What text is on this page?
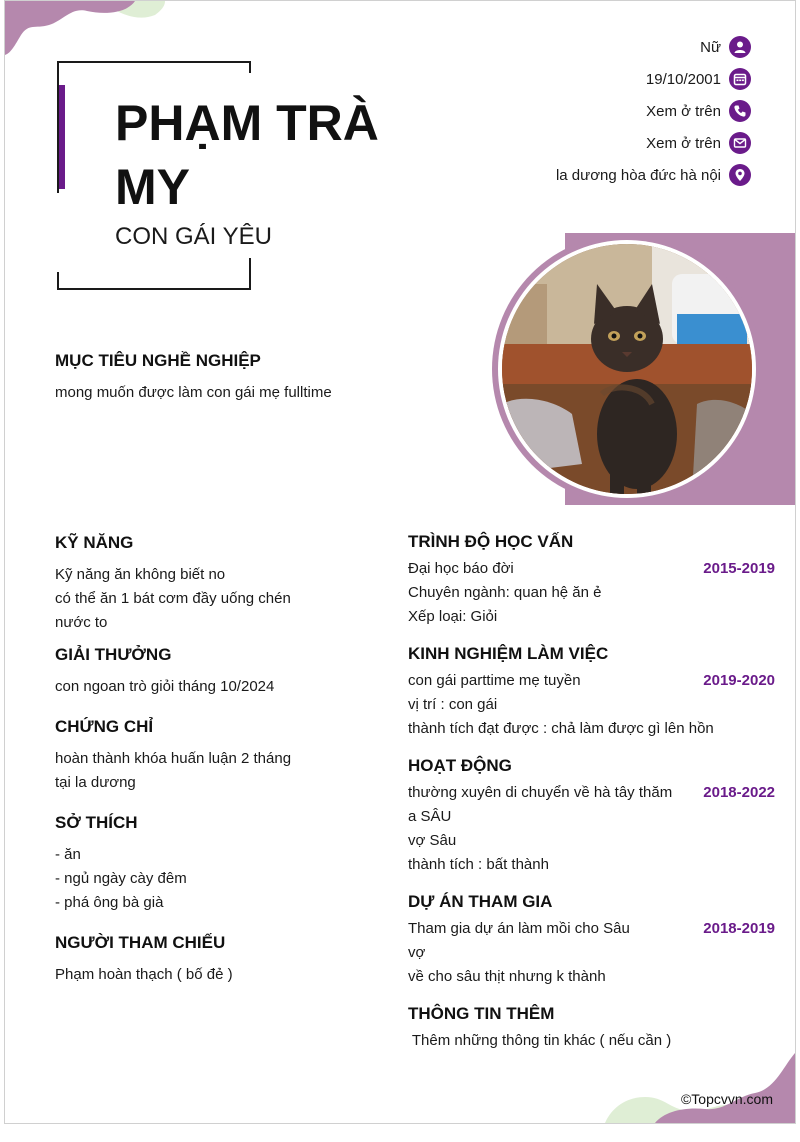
PHẠM TRÀ MY
CON GÁI YÊU
Nữ
19/10/2001
Xem ở trên
Xem ở trên
la dương hòa đức hà nội
MỤC TIÊU NGHỀ NGHIỆP
mong muốn được làm con gái mẹ fulltime
KỸ NĂNG
Kỹ năng ăn không biết no
có thể ăn 1 bát cơm đầy uống chén
nước to
GIẢI THƯỞNG
con ngoan trò giỏi tháng 10/2024
CHỨNG CHỈ
hoàn thành khóa huấn luận 2 tháng
tại la dương
SỞ THÍCH
- ăn
- ngủ ngày cày đêm
- phá ông bà già
NGƯỜI THAM CHIẾU
Phạm hoàn thạch ( bố đẻ )
TRÌNH ĐỘ HỌC VẤN
2015-2019
Đại học báo đời
Chuyên ngành: quan hệ ăn ẻ
Xếp loại: Giỏi
KINH NGHIỆM LÀM VIỆC
2019-2020
con gái parttime mẹ tuyền
vị trí : con gái
thành tích đạt được : chả làm được gì lên hồn
HOẠT ĐỘNG
2018-2022
thường xuyên di chuyển về hà tây thăm
a SÂU
vợ Sâu
thành tích : bất thành
DỰ ÁN THAM GIA
2018-2019
Tham gia dự án làm mồi cho Sâu
vợ
về cho sâu thịt nhưng k thành
THÔNG TIN THÊM
Thêm những thông tin khác ( nếu cần )
©Topcvvn.com
